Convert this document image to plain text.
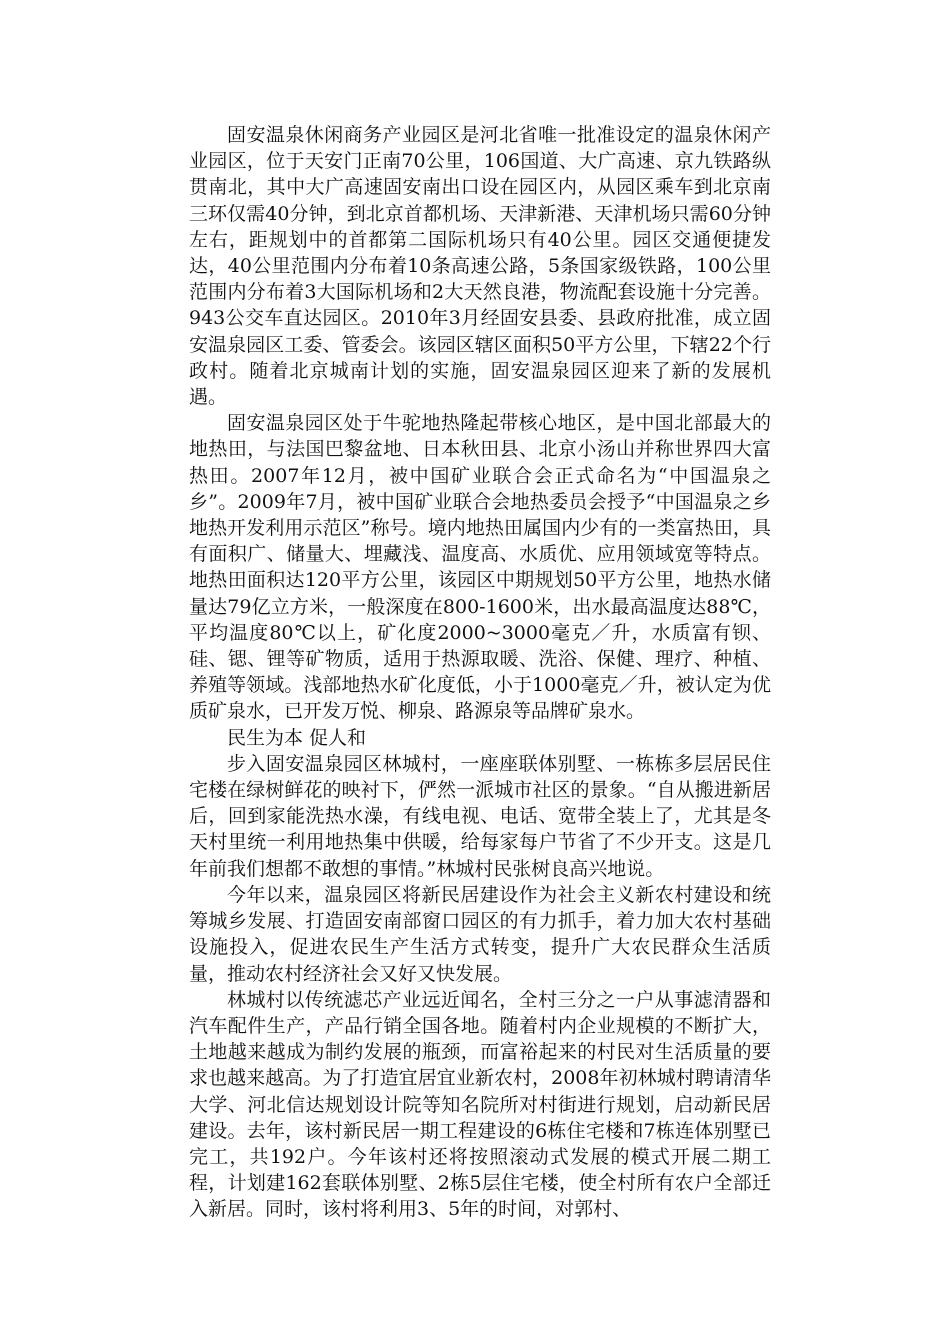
固安温泉休闲商务产业园区是河北省唯一批准设定的温泉休闲产业园区，位于天安门正南70公里，106国道、大广高速、京九铁路纵贯南北，其中大广高速固安南出口设在园区内，从园区乘车到北京南三环仅需40分钟，到北京首都机场、天津新港、天津机场只需60分钟左右，距规划中的首都第二国际机场只有40公里。园区交通便捷发达，40公里范围内分布着10条高速公路，5条国家级铁路，100公里范围内分布着3大国际机场和2大天然良港，物流配套设施十分完善。943公交车直达园区。2010年3月经固安县委、县政府批准，成立固安温泉园区工委、管委会。该园区辖区面积50平方公里，下辖22个行政村。随着北京城南计划的实施，固安温泉园区迎来了新的发展机遇。

固安温泉园区处于牛驼地热隆起带核心地区，是中国北部最大的地热田，与法国巴黎盆地、日本秋田县、北京小汤山并称世界四大富热田。2007年12月，被中国矿业联合会正式命名为“中国温泉之乡”。2009年7月，被中国矿业联合会地热委员会授予“中国温泉之乡地热开发利用示范区”称号。境内地热田属国内少有的一类富热田，具有面积广、储量大、埋藏浅、温度高、水质优、应用领域宽等特点。地热田面积达120平方公里，该园区中期规划50平方公里，地热水储量达79亿立方米，一般深度在800-1600米，出水最高温度达88℃，平均温度80℃以上，矿化度2000~3000毫克／升，水质富有钡、硅、锶、锂等矿物质，适用于热源取暖、洗浴、保健、理疗、种植、养殖等领域。浅部地热水矿化度低，小于1000毫克／升，被认定为优质矿泉水，已开发万悦、柳泉、路源泉等品牌矿泉水。

民生为本 促人和

步入固安温泉园区林城村，一座座联体别墅、一栋栋多层居民住宅楼在绿树鲜花的映衬下，俨然一派城市社区的景象。“自从搬进新居后，回到家能洗热水澡，有线电视、电话、宽带全装上了，尤其是冬天村里统一利用地热集中供暖，给每家每户节省了不少开支。这是几年前我们想都不敢想的事情。”林城村民张树良高兴地说。

今年以来，温泉园区将新民居建设作为社会主义新农村建设和统筹城乡发展、打造固安南部窗口园区的有力抓手，着力加大农村基础设施投入，促进农民生产生活方式转变，提升广大农民群众生活质量，推动农村经济社会又好又快发展。

林城村以传统滤芯产业远近闻名，全村三分之一户从事滤清器和汽车配件生产，产品行销全国各地。随着村内企业规模的不断扩大，土地越来越成为制约发展的瓶颈，而富裕起来的村民对生活质量的要求也越来越高。为了打造宜居宜业新农村，2008年初林城村聘请清华大学、河北信达规划设计院等知名院所对村街进行规划，启动新民居建设。去年，该村新民居一期工程建设的6栋住宅楼和7栋连体别墅已完工，共192户。今年该村还将按照滚动式发展的模式开展二期工程，计划建162套联体别墅、2栋5层住宅楼，使全村所有农户全部迁入新居。同时，该村将利用3、5年的时间，对郭村、
